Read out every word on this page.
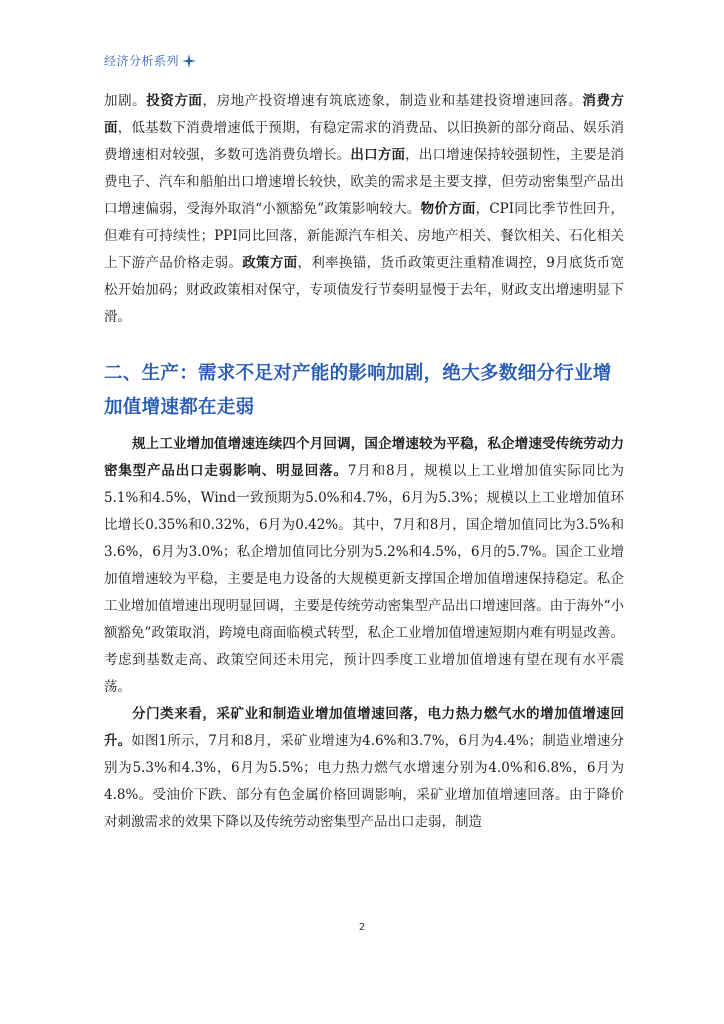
经济分析系列

加剧。投资方面，房地产投资增速有筑底迹象，制造业和基建投资增速回落。消费方面，低基数下消费增速低于预期，有稳定需求的消费品、以旧换新的部分商品、娱乐消费增速相对较强，多数可选消费负增长。出口方面，出口增速保持较强韧性，主要是消费电子、汽车和船舶出口增速增长较快，欧美的需求是主要支撑，但劳动密集型产品出口增速偏弱，受海外取消“小额豁免”政策影响较大。物价方面，CPI同比季节性回升，但难有可持续性；PPI同比回落，新能源汽车相关、房地产相关、餐饮相关、石化相关上下游产品价格走弱。政策方面，利率换锚，货币政策更注重精准调控，9月底货币宽松开始加码；财政政策相对保守，专项债发行节奏明显慢于去年，财政支出增速明显下滑。

二、生产：需求不足对产能的影响加剧，绝大多数细分行业增加值增速都在走弱

规上工业增加值增速连续四个月回调，国企增速较为平稳，私企增速受传统劳动力密集型产品出口走弱影响、明显回落。7月和8月，规模以上工业增加值实际同比为5.1%和4.5%，Wind一致预期为5.0%和4.7%，6月为5.3%；规模以上工业增加值环比增长0.35%和0.32%，6月为0.42%。其中，7月和8月，国企增加值同比为3.5%和3.6%，6月为3.0%；私企增加值同比分别为5.2%和4.5%，6月的5.7%。国企工业增加值增速较为平稳，主要是电力设备的大规模更新支撑国企增加值增速保持稳定。私企工业增加值增速出现明显回调，主要是传统劳动密集型产品出口增速回落。由于海外“小额豁免”政策取消，跨境电商面临模式转型，私企工业增加值增速短期内难有明显改善。考虑到基数走高、政策空间还未用完，预计四季度工业增加值增速有望在现有水平震荡。

分门类来看，采矿业和制造业增加值增速回落，电力热力燃气水的增加值增速回升。如图1所示，7月和8月，采矿业增速为4.6%和3.7%，6月为4.4%；制造业增速分别为5.3%和4.3%，6月为5.5%；电力热力燃气水增速分别为4.0%和6.8%，6月为4.8%。受油价下跌、部分有色金属价格回调影响，采矿业增加值增速回落。由于降价对刺激需求的效果下降以及传统劳动密集型产品出口走弱，制造

2
